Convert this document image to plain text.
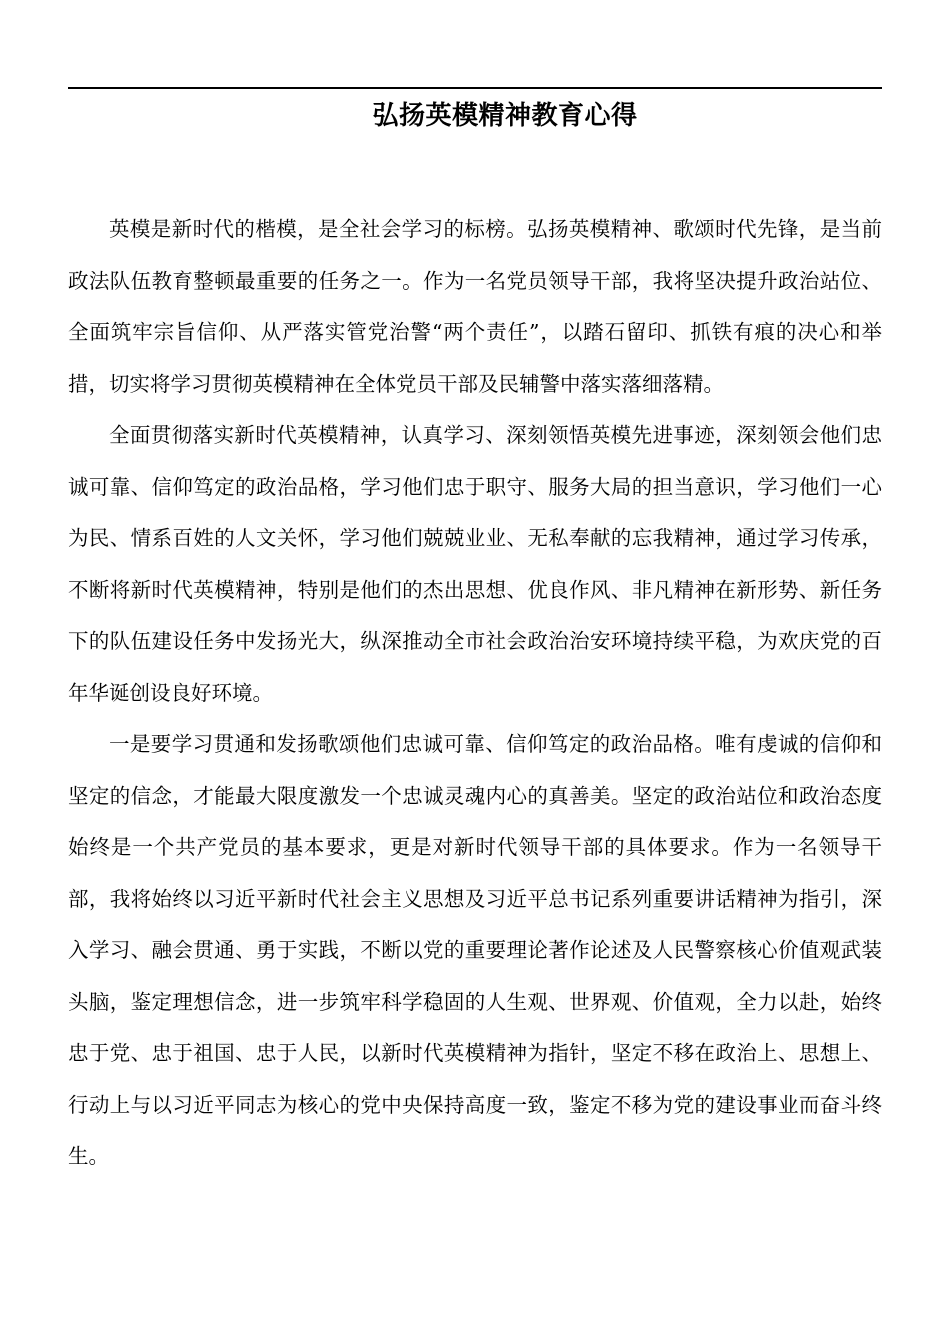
弘扬英模精神教育心得

英模是新时代的楷模，是全社会学习的标榜。弘扬英模精神、歌颂时代先锋，是当前政法队伍教育整顿最重要的任务之一。作为一名党员领导干部，我将坚决提升政治站位、全面筑牢宗旨信仰、从严落实管党治警“两个责任”，以踏石留印、抓铁有痕的决心和举措，切实将学习贯彻英模精神在全体党员干部及民辅警中落实落细落精。

全面贯彻落实新时代英模精神，认真学习、深刻领悟英模先进事迹，深刻领会他们忠诚可靠、信仰笃定的政治品格，学习他们忠于职守、服务大局的担当意识，学习他们一心为民、情系百姓的人文关怀，学习他们兢兢业业、无私奉献的忘我精神，通过学习传承，不断将新时代英模精神，特别是他们的杰出思想、优良作风、非凡精神在新形势、新任务下的队伍建设任务中发扬光大，纵深推动全市社会政治治安环境持续平稳，为欢庆党的百年华诞创设良好环境。

一是要学习贯通和发扬歌颂他们忠诚可靠、信仰笃定的政治品格。唯有虔诚的信仰和坚定的信念，才能最大限度激发一个忠诚灵魂内心的真善美。坚定的政治站位和政治态度始终是一个共产党员的基本要求，更是对新时代领导干部的具体要求。作为一名领导干部，我将始终以习近平新时代社会主义思想及习近平总书记系列重要讲话精神为指引，深入学习、融会贯通、勇于实践，不断以党的重要理论著作论述及人民警察核心价值观武装头脑，鉴定理想信念，进一步筑牢科学稳固的人生观、世界观、价值观，全力以赴，始终忠于党、忠于祖国、忠于人民，以新时代英模精神为指针，坚定不移在政治上、思想上、行动上与以习近平同志为核心的党中央保持高度一致，鉴定不移为党的建设事业而奋斗终生。
